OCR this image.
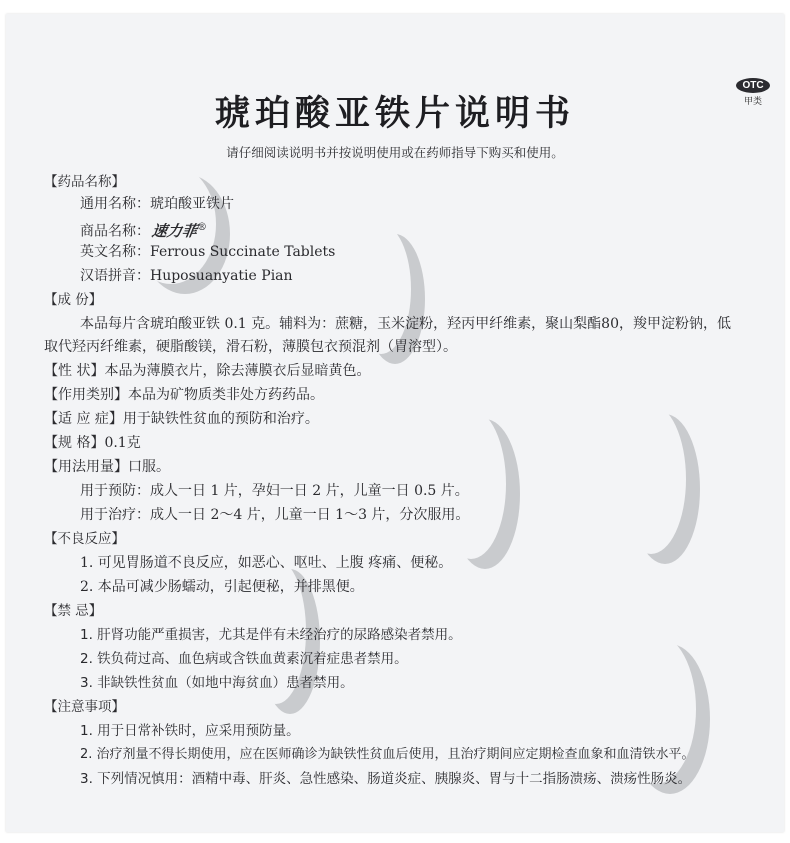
OTC
甲类
琥珀酸亚铁片说明书
请仔细阅读说明书并按说明使用或在药师指导下购买和使用。
【药品名称】
通用名称：琥珀酸亚铁片
商品名称：速力菲®
英文名称：Ferrous Succinate Tablets
汉语拼音：Huposuanyatie Pian
【成 份】
本品每片含琥珀酸亚铁 0.1 克。辅料为：蔗糖，玉米淀粉，羟丙甲纤维素，聚山梨酯80，羧甲淀粉钠，低
取代羟丙纤维素，硬脂酸镁，滑石粉，薄膜包衣预混剂（胃溶型）。
【性 状】本品为薄膜衣片，除去薄膜衣后显暗黄色。
【作用类别】本品为矿物质类非处方药药品。
【适 应 症】用于缺铁性贫血的预防和治疗。
【规 格】0.1克
【用法用量】口服。
用于预防：成人一日 1 片，孕妇一日 2 片，儿童一日 0.5 片。
用于治疗：成人一日 2～4 片，儿童一日 1～3 片，分次服用。
【不良反应】
1. 可见胃肠道不良反应，如恶心、呕吐、上腹 疼痛、便秘。
2. 本品可减少肠蠕动，引起便秘，并排黑便。
【禁 忌】
1. 肝肾功能严重损害，尤其是伴有未经治疗的尿路感染者禁用。
2. 铁负荷过高、血色病或含铁血黄素沉着症患者禁用。
3. 非缺铁性贫血（如地中海贫血）患者禁用。
【注意事项】
1. 用于日常补铁时，应采用预防量。
2. 治疗剂量不得长期使用，应在医师确诊为缺铁性贫血后使用，且治疗期间应定期检查血象和血清铁水平。
3. 下列情况慎用：酒精中毒、肝炎、急性感染、肠道炎症、胰腺炎、胃与十二指肠溃疡、溃疡性肠炎。
